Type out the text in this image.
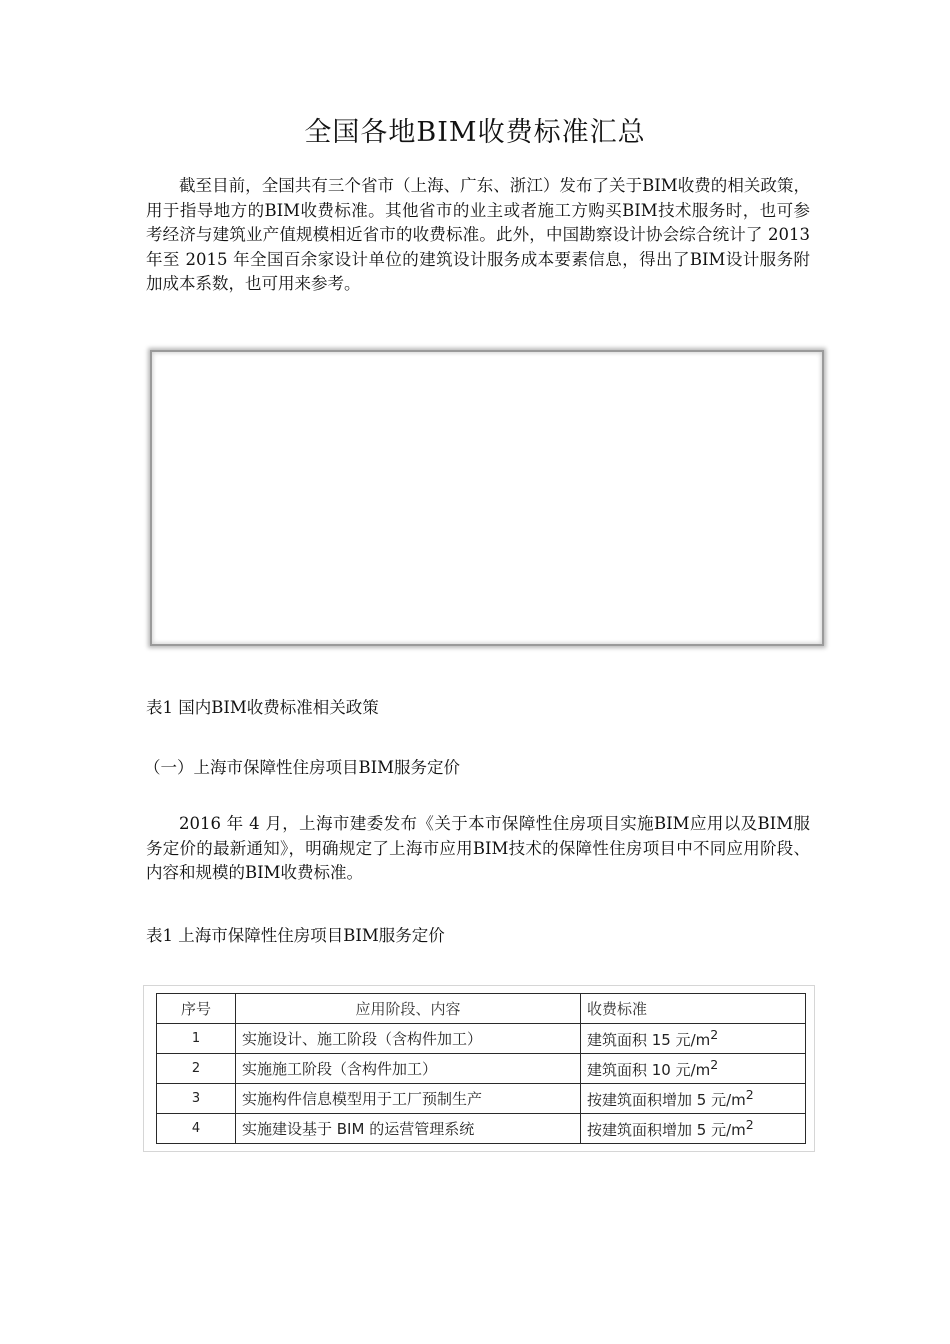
全国各地BIM收费标准汇总

截至目前，全国共有三个省市（上海、广东、浙江）发布了关于BIM收费的相关政策，用于指导地方的BIM收费标准。其他省市的业主或者施工方购买BIM技术服务时，也可参考经济与建筑业产值规模相近省市的收费标准。此外，中国勘察设计协会综合统计了 2013 年至 2015 年全国百余家设计单位的建筑设计服务成本要素信息，得出了BIM设计服务附加成本系数，也可用来参考。

表1 国内BIM收费标准相关政策

（一）上海市保障性住房项目BIM服务定价

2016 年 4 月，上海市建委发布《关于本市保障性住房项目实施BIM应用以及BIM服务定价的最新通知》，明确规定了上海市应用BIM技术的保障性住房项目中不同应用阶段、内容和规模的BIM收费标准。

表1 上海市保障性住房项目BIM服务定价

序号	应用阶段、内容	收费标准
1	实施设计、施工阶段（含构件加工）	建筑面积 15 元$/m^2$
2	实施施工阶段（含构件加工）	建筑面积 10 元$/m^2$
3	实施构件信息模型用于工厂预制生产	按建筑面积增加 5 元$/m^2$
4	实施建设基于 BIM 的运营管理系统	按建筑面积增加 5 元$/m^2$
